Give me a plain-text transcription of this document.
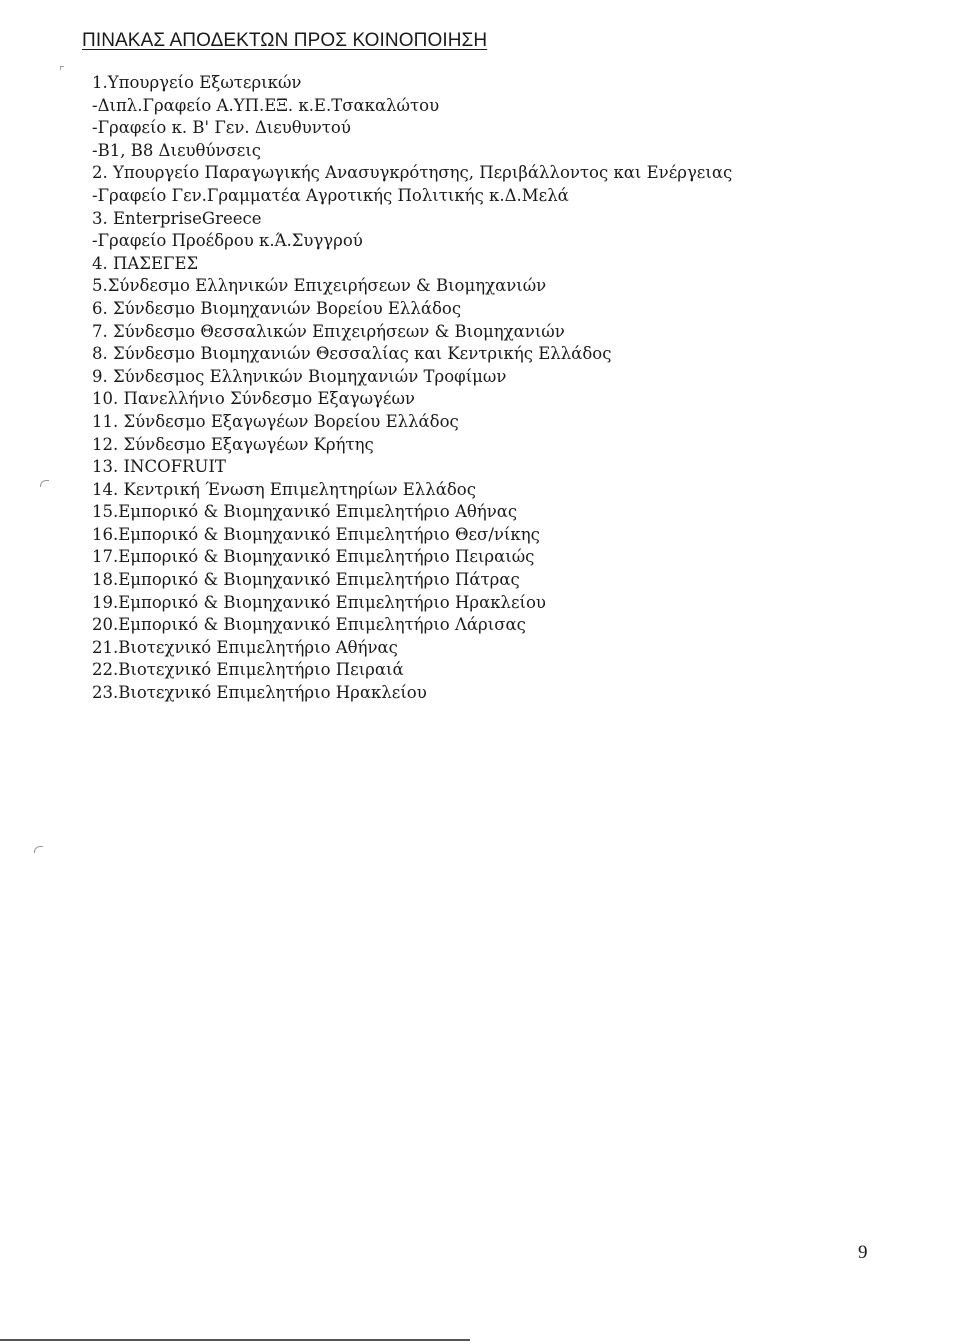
ΠΙΝΑΚΑΣ ΑΠΟΔΕΚΤΩΝ ΠΡΟΣ ΚΟΙΝΟΠΟΙΗΣΗ
1.Υπουργείο Εξωτερικών
-Διπλ.Γραφείο Α.ΥΠ.ΕΞ. κ.Ε.Τσακαλώτου
-Γραφείο κ. Β' Γεν. Διευθυντού
-Β1, Β8 Διευθύνσεις
2. Υπουργείο Παραγωγικής Ανασυγκρότησης, Περιβάλλοντος και Ενέργειας
-Γραφείο Γεν.Γραμματέα Αγροτικής Πολιτικής κ.Δ.Μελά
3. EnterpriseGreece
-Γραφείο Προέδρου κ.Ά.Συγγρού
4. ΠΑΣΕΓΕΣ
5.Σύνδεσμο Ελληνικών Επιχειρήσεων & Βιομηχανιών
6. Σύνδεσμο Βιομηχανιών Βορείου Ελλάδος
7. Σύνδεσμο Θεσσαλικών Επιχειρήσεων & Βιομηχανιών
8. Σύνδεσμο Βιομηχανιών Θεσσαλίας και Κεντρικής Ελλάδος
9. Σύνδεσμος Ελληνικών Βιομηχανιών Τροφίμων
10. Πανελλήνιο Σύνδεσμο Εξαγωγέων
11. Σύνδεσμο Εξαγωγέων Βορείου Ελλάδος
12. Σύνδεσμο Εξαγωγέων Κρήτης
13. INCOFRUIT
14. Κεντρική Ένωση Επιμελητηρίων Ελλάδος
15.Εμπορικό & Βιομηχανικό Επιμελητήριο Αθήνας
16.Εμπορικό & Βιομηχανικό Επιμελητήριο Θεσ/νίκης
17.Εμπορικό & Βιομηχανικό Επιμελητήριο Πειραιώς
18.Εμπορικό & Βιομηχανικό Επιμελητήριο Πάτρας
19.Εμπορικό & Βιομηχανικό Επιμελητήριο Ηρακλείου
20.Εμπορικό & Βιομηχανικό Επιμελητήριο Λάρισας
21.Βιοτεχνικό Επιμελητήριο Αθήνας
22.Βιοτεχνικό Επιμελητήριο Πειραιά
23.Βιοτεχνικό Επιμελητήριο Ηρακλείου
9
